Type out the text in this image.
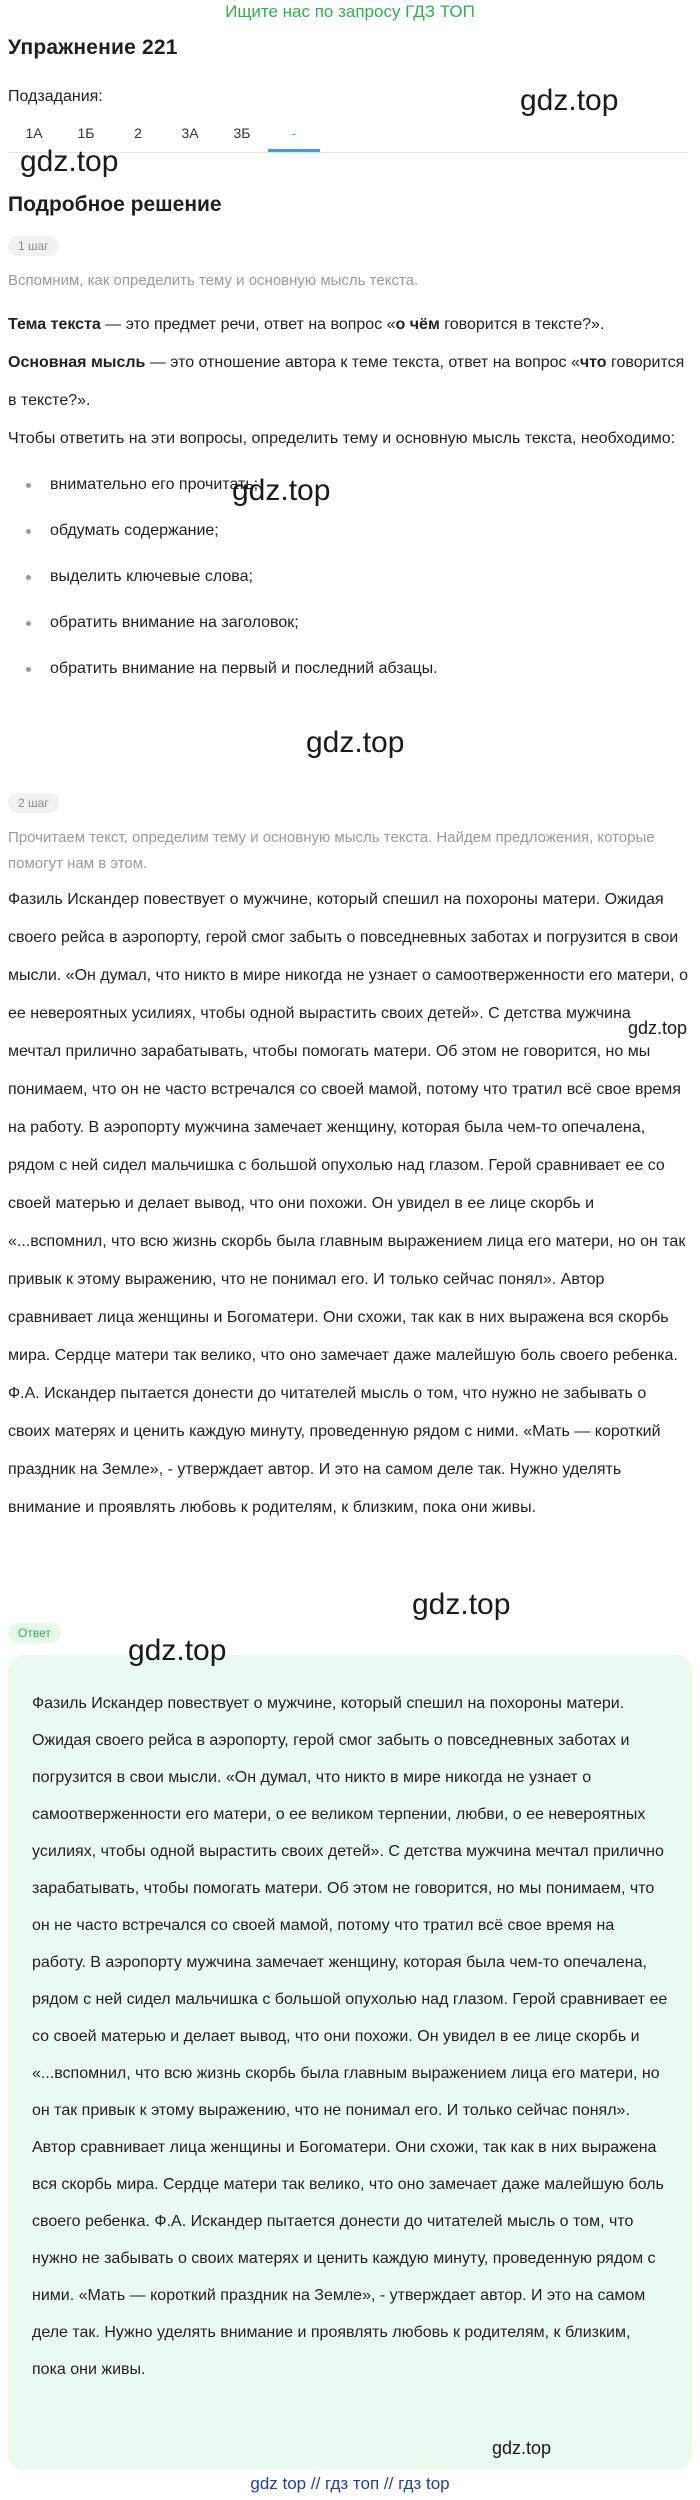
Ищите нас по запросу ГДЗ ТОП
Упражнение 221
Подзадания:
1А	1Б	2	3А	3Б	-
Подробное решение
1 шаг
Вспомним, как определить тему и основную мысль текста.

Тема текста — это предмет речи, ответ на вопрос «о чём говорится в тексте?».

Основная мысль — это отношение автора к теме текста, ответ на вопрос «что говорится в тексте?».

Чтобы ответить на эти вопросы, определить тему и основную мысль текста, необходимо:

внимательно его прочитать;
обдумать содержание;
выделить ключевые слова;
обратить внимание на заголовок;
обратить внимание на первый и последний абзацы.
2 шаг
Прочитаем текст, определим тему и основную мысль текста. Найдем предложения, которые помогут нам в этом.

Фазиль Искандер повествует о мужчине, который спешил на похороны матери. Ожидая своего рейса в аэропорту, герой смог забыть о повседневных заботах и погрузится в свои мысли. «Он думал, что никто в мире никогда не узнает о самоотверженности его матери, о ее невероятных усилиях, чтобы одной вырастить своих детей». С детства мужчина мечтал прилично зарабатывать, чтобы помогать матери. Об этом не говорится, но мы понимаем, что он не часто встречался со своей мамой, потому что тратил всё свое время на работу. В аэропорту мужчина замечает женщину, которая была чем-то опечалена, рядом с ней сидел мальчишка с большой опухолью над глазом. Герой сравнивает ее со своей матерью и делает вывод, что они похожи. Он увидел в ее лице скорбь и «...вспомнил, что всю жизнь скорбь была главным выражением лица его матери, но он так привык к этому выражению, что не понимал его. И только сейчас понял». Автор сравнивает лица женщины и Богоматери. Они схожи, так как в них выражена вся скорбь мира. Сердце матери так велико, что оно замечает даже малейшую боль своего ребенка. Ф.А. Искандер пытается донести до читателей мысль о том, что нужно не забывать о своих матерях и ценить каждую минуту, проведенную рядом с ними. «Мать — короткий праздник на Земле», - утверждает автор. И это на самом деле так. Нужно уделять внимание и проявлять любовь к родителям, к близким, пока они живы.

Ответ

Фазиль Искандер повествует о мужчине, который спешил на похороны матери. Ожидая своего рейса в аэропорту, герой смог забыть о повседневных заботах и погрузится в свои мысли. «Он думал, что никто в мире никогда не узнает о самоотверженности его матери, о ее великом терпении, любви, о ее невероятных усилиях, чтобы одной вырастить своих детей». С детства мужчина мечтал прилично зарабатывать, чтобы помогать матери. Об этом не говорится, но мы понимаем, что он не часто встречался со своей мамой, потому что тратил всё свое время на работу. В аэропорту мужчина замечает женщину, которая была чем-то опечалена, рядом с ней сидел мальчишка с большой опухолью над глазом. Герой сравнивает ее со своей матерью и делает вывод, что они похожи. Он увидел в ее лице скорбь и «...вспомнил, что всю жизнь скорбь была главным выражением лица его матери, но он так привык к этому выражению, что не понимал его. И только сейчас понял». Автор сравнивает лица женщины и Богоматери. Они схожи, так как в них выражена вся скорбь мира. Сердце матери так велико, что оно замечает даже малейшую боль своего ребенка. Ф.А. Искандер пытается донести до читателей мысль о том, что нужно не забывать о своих матерях и ценить каждую минуту, проведенную рядом с ними. «Мать — короткий праздник на Земле», - утверждает автор. И это на самом деле так. Нужно уделять внимание и проявлять любовь к родителям, к близким, пока они живы.

gdz.top
gdz.top
gdz.top
gdz.top
gdz.top
gdz.top
gdz.top
gdz.top
gdz top // гдз топ // гдз top
